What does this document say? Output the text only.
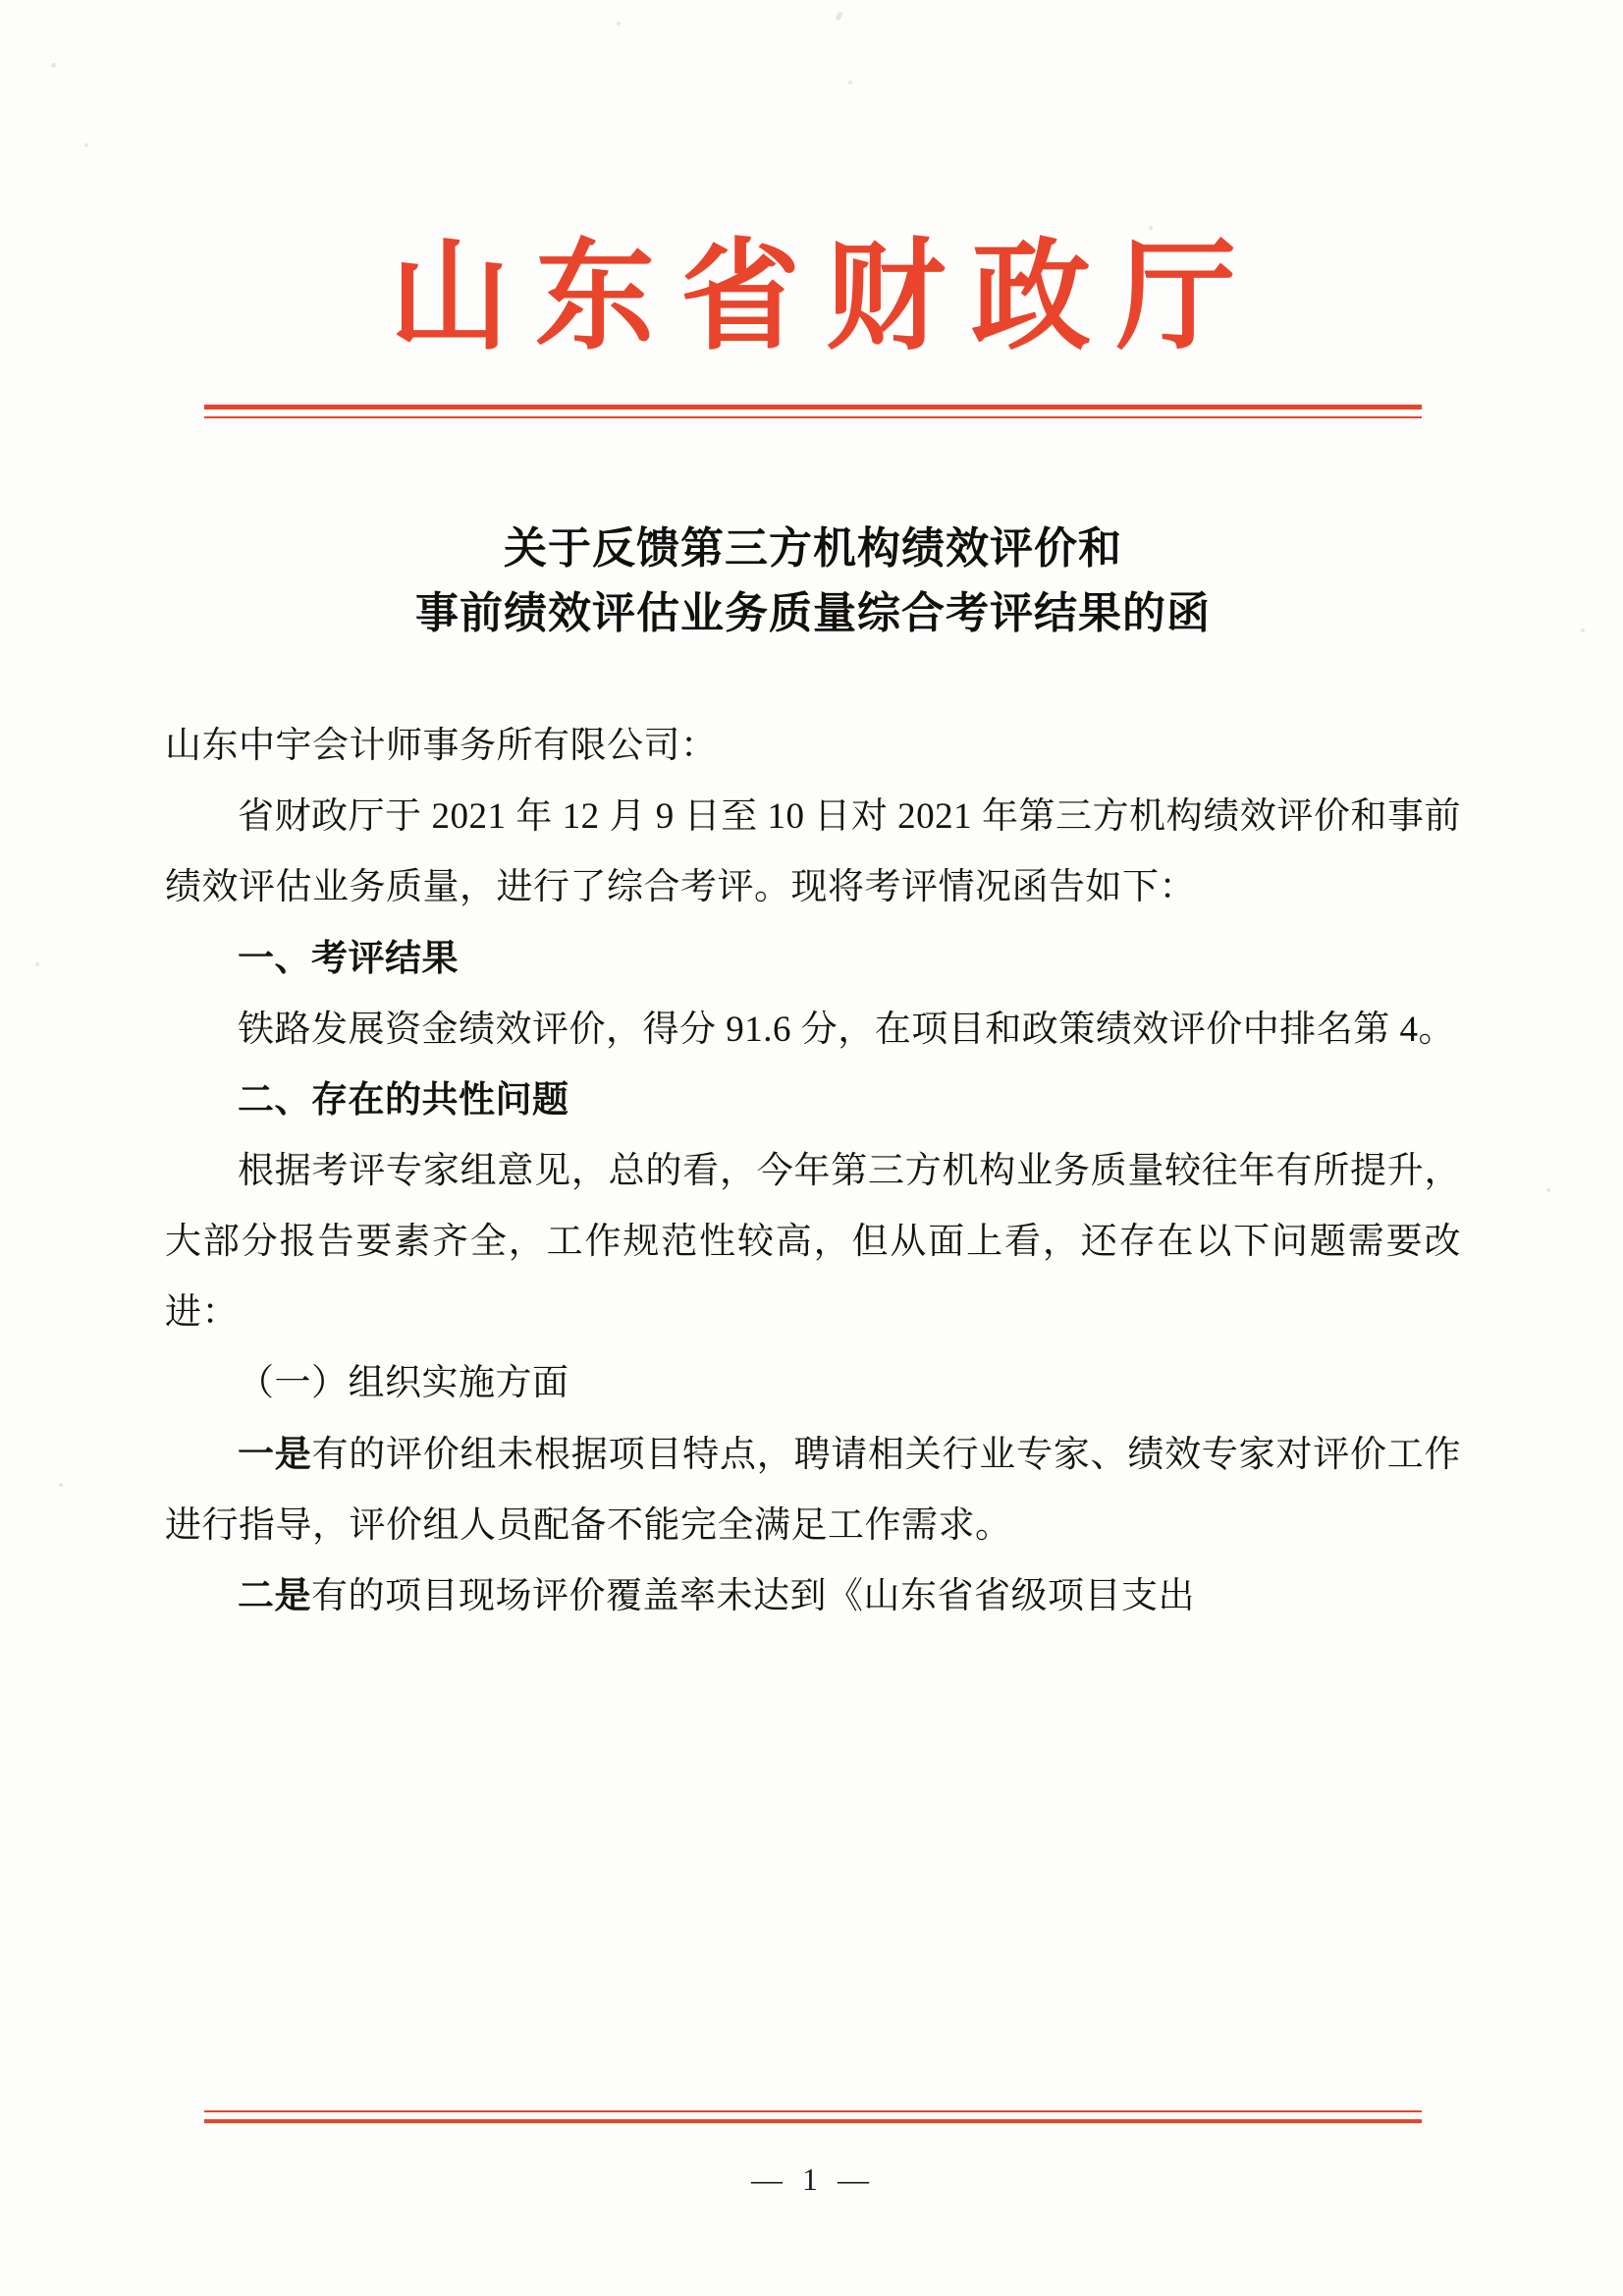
山东省财政厅
关于反馈第三方机构绩效评价和
事前绩效评估业务质量综合考评结果的函
山东中宇会计师事务所有限公司：
省财政厅于 2021 年 12 月 9 日至 10 日对 2021 年第三方机构绩效评价和事前绩效评估业务质量，进行了综合考评。现将考评情况函告如下：
一、考评结果
铁路发展资金绩效评价，得分 91.6 分，在项目和政策绩效评价中排名第 4。
二、存在的共性问题
根据考评专家组意见，总的看，今年第三方机构业务质量较往年有所提升，大部分报告要素齐全，工作规范性较高，但从面上看，还存在以下问题需要改进：
（一）组织实施方面
一是有的评价组未根据项目特点，聘请相关行业专家、绩效专家对评价工作进行指导，评价组人员配备不能完全满足工作需求。
二是有的项目现场评价覆盖率未达到《山东省省级项目支出
— 1 —
